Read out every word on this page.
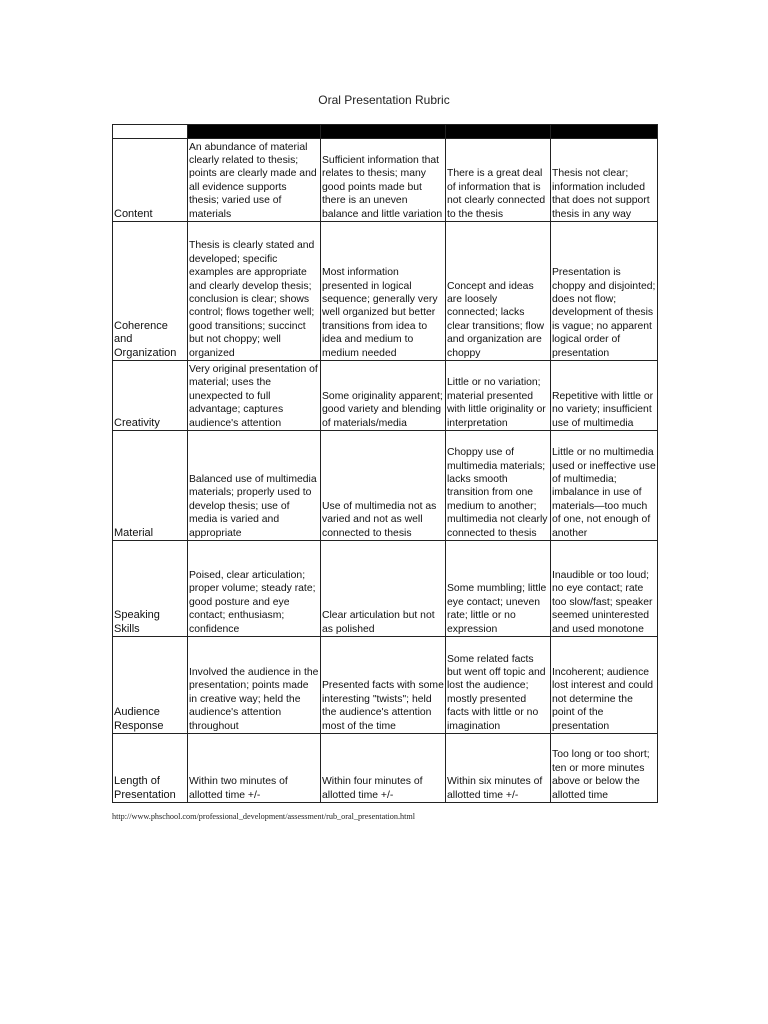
Oral Presentation Rubric

Content	An abundance of material clearly related to thesis; points are clearly made and all evidence supports thesis; varied use of materials	Sufficient information that relates to thesis; many good points made but there is an uneven balance and little variation	There is a great deal of information that is not clearly connected to the thesis	Thesis not clear; information included that does not support thesis in any way
Coherence and Organization	Thesis is clearly stated and developed; specific examples are appropriate and clearly develop thesis; conclusion is clear; shows control; flows together well; good transitions; succinct but not choppy; well organized	Most information presented in logical sequence; generally very well organized but better transitions from idea to idea and medium to medium needed	Concept and ideas are loosely connected; lacks clear transitions; flow and organization are choppy	Presentation is choppy and disjointed; does not flow; development of thesis is vague; no apparent logical order of presentation
Creativity	Very original presentation of material; uses the unexpected to full advantage; captures audience's attention	Some originality apparent; good variety and blending of materials/media	Little or no variation; material presented with little originality or interpretation	Repetitive with little or no variety; insufficient use of multimedia
Material	Balanced use of multimedia materials; properly used to develop thesis; use of media is varied and appropriate	Use of multimedia not as varied and not as well connected to thesis	Choppy use of multimedia materials; lacks smooth transition from one medium to another; multimedia not clearly connected to thesis	Little or no multimedia used or ineffective use of multimedia; imbalance in use of materials—too much of one, not enough of another
Speaking Skills	Poised, clear articulation; proper volume; steady rate; good posture and eye contact; enthusiasm; confidence	Clear articulation but not as polished	Some mumbling; little eye contact; uneven rate; little or no expression	Inaudible or too loud; no eye contact; rate too slow/fast; speaker seemed uninterested and used monotone
Audience Response	Involved the audience in the presentation; points made in creative way; held the audience's attention throughout	Presented facts with some interesting "twists"; held the audience's attention most of the time	Some related facts but went off topic and lost the audience; mostly presented facts with little or no imagination	Incoherent; audience lost interest and could not determine the point of the presentation
Length of Presentation	Within two minutes of allotted time +/-	Within four minutes of allotted time +/-	Within six minutes of allotted time +/-	Too long or too short; ten or more minutes above or below the allotted time
http://www.phschool.com/professional_development/assessment/rub_oral_presentation.html
